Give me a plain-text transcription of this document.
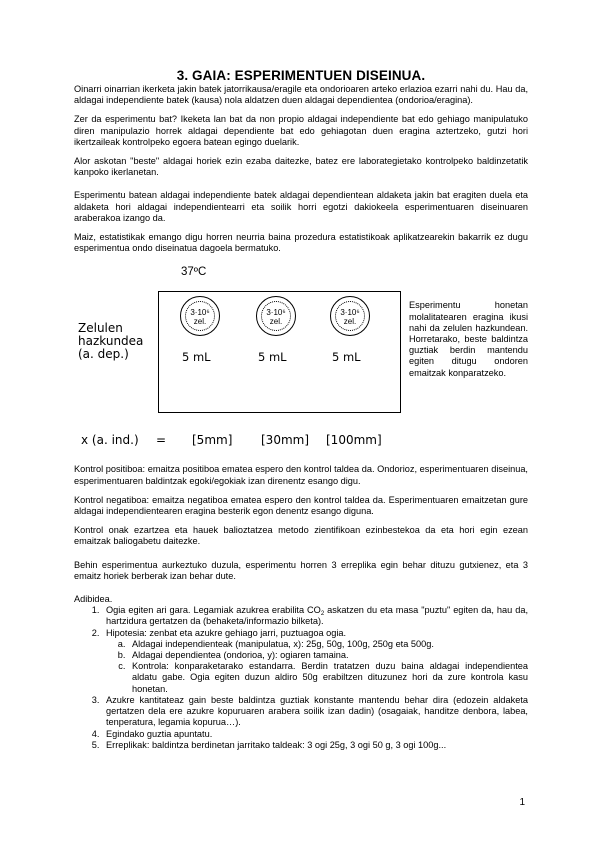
3. GAIA: ESPERIMENTUEN DISEINUA.

Oinarri oinarrian ikerketa jakin batek jatorrikausa/eragile eta ondorioaren arteko erlazioa ezarri nahi du. Hau da, aldagai independiente batek (kausa) nola aldatzen duen aldagai dependientea (ondorioa/eragina).

Zer da esperimentu bat? Ikeketa lan bat da non propio aldagai independiente bat edo gehiago manipulatuko diren manipulazio horrek aldagai dependiente bat edo gehiagotan duen eragina aztertzeko, gutzi hori ikertzaileak kontrolpeko egoera batean egingo duelarik.

Alor askotan "beste" aldagai horiek ezin ezaba daitezke, batez ere laborategietako kontrolpeko baldinzetatik kanpoko ikerlanetan.

Esperimentu batean aldagai independiente batek aldagai dependientean aldaketa jakin bat eragiten duela eta aldaketa hori aldagai independientearri eta soilik horri egotzi dakiokeela esperimentuaren diseinuaren araberakoa izango da.

Maiz, estatistikak emango digu horren neurria baina prozedura estatistikoak aplikatzearekin bakarrik ez dugu esperimentua ondo diseinatua dagoela bermatuko.

37ºC
Zelulen
hazkundea
(a. dep.)
3·10⁶
zel.
3·10⁶
zel.
3·10⁶
zel.
5 mL	5 mL	5 mL
x (a. ind.) = [5mm] [30mm] [100mm]
Esperimentu honetan molalitatearen eragina ikusi nahi da zelulen hazkundean. Horretarako, beste baldintza guztiak berdin mantendu egiten ditugu ondoren emaitzak konparatzeko.

Kontrol positiboa: emaitza positiboa ematea espero den kontrol taldea da. Ondorioz, esperimentuaren diseinua, esperimentuaren baldintzak egoki/egokiak izan direnentz esango digu.

Kontrol negatiboa: emaitza negatiboa ematea espero den kontrol taldea da. Esperimentuaren emaitzetan gure aldagai independientearen eragina besterik egon denentz esango diguna.

Kontrol onak ezartzea eta hauek balioztatzea metodo zientifikoan ezinbestekoa da eta hori egin ezean emaitzak baliogabetu daitezke.

Behin esperimentua aurkeztuko duzula, esperimentu horren 3 erreplika egin behar dituzu gutxienez, eta 3 emaitz horiek berberak izan behar dute.

Adibidea.
1. Ogia egiten ari gara. Legamiak azukrea erabilita $CO_2$ askatzen du eta masa "puztu" egiten da, hau da, hartzidura gertatzen da (behaketa/informazio bilketa).
2. Hipotesia: zenbat eta azukre gehiago jarri, puztuagoa ogia.
a. Aldagai independienteak (manipulatua, x): 25g, 50g, 100g, 250g eta 500g.
b. Aldagai dependientea (ondorioa, y): ogiaren tamaina.
c. Kontrola: konparaketarako estandarra. Berdin tratatzen duzu baina aldagai independientea aldatu gabe. Ogia egiten duzun aldiro 50g erabiltzen dituzunez hori da zure kontrola kasu honetan.
3. Azukre kantitateaz gain beste baldintza guztiak konstante mantendu behar dira (edozein aldaketa gertatzen dela ere azukre kopuruaren arabera soilik izan dadin) (osagaiak, handitze denbora, labea, tenperatura, legamia kopurua…).
4. Egindako guztia apuntatu.
5. Erreplikak: baldintza berdinetan jarritako taldeak: 3 ogi 25g, 3 ogi 50 g, 3 ogi 100g...
1
